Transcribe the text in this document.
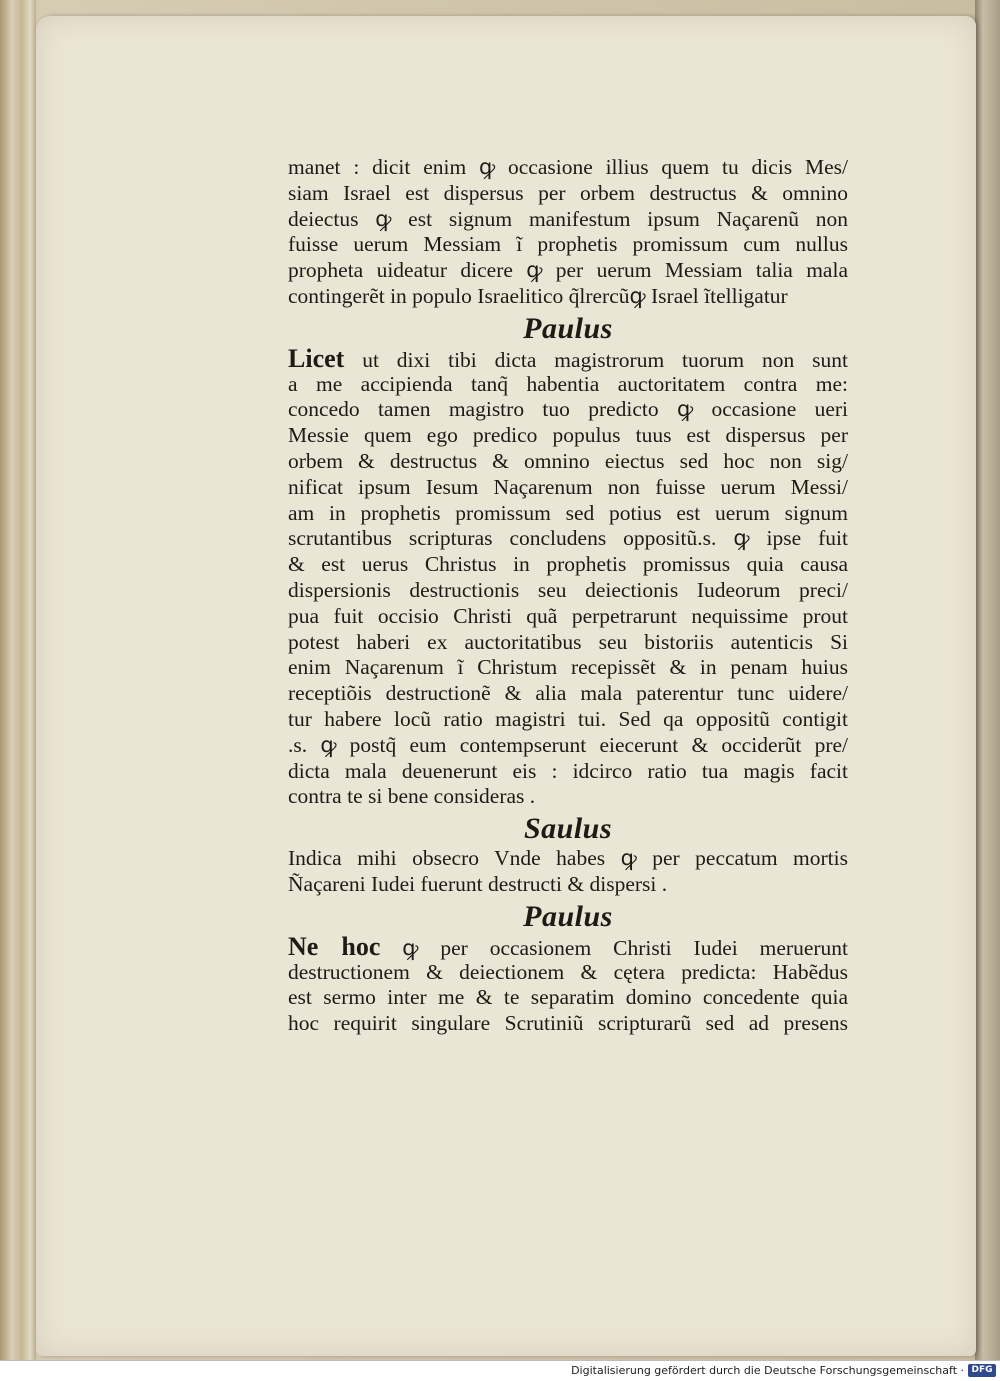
manet : dicit enim ꝙ occasione illius quem tu dicis Mes/
siam Israel est dispersus per orbem destructus & omnino
deiectus ꝙ est signum manifestum ipsum Naçarenũ non
fuisse uerum Messiam ĩ prophetis promissum cum nullus
propheta uideatur dicere ꝙ per uerum Messiam talia mala
contingerẽt in populo Israelitico q̃lrercũꝙ Israel ĩtelligatur
Paulus
Licet ut dixi tibi dicta magistrorum tuorum non sunt
a me accipienda tanq̃ habentia auctoritatem contra me:
concedo tamen magistro tuo predicto ꝙ occasione ueri
Messie quem ego predico populus tuus est dispersus per
orbem & destructus & omnino eiectus sed hoc non sig/
nificat ipsum Iesum Naçarenum non fuisse uerum Messi/
am in prophetis promissum sed potius est uerum signum
scrutantibus scripturas concludens oppositũ.s. ꝙ ipse fuit
& est uerus Christus in prophetis promissus quia causa
dispersionis destructionis seu deiectionis Iudeorum preci/
pua fuit occisio Christi quã perpetrarunt nequissime prout
potest haberi ex auctoritatibus seu bistoriis autenticis Si
enim Naçarenum ĩ Christum recepissẽt & in penam huius
receptiõis destructionẽ & alia mala paterentur tunc uidere/
tur habere locũ ratio magistri tui. Sed qa oppositũ contigit
.s. ꝙ postq̃ eum contempserunt eiecerunt & occiderũt pre/
dicta mala deuenerunt eis : idcirco ratio tua magis facit
contra te si bene consideras .
Saulus
Indica mihi obsecro Vnde habes ꝙ per peccatum mortis
Ñaçareni Iudei fuerunt destructi & dispersi .
Paulus
Ne hoc ꝙ per occasionem Christi Iudei meruerunt
destructionem & deiectionem & cętera predicta: Habẽdus
est sermo inter me & te separatim domino concedente quia
hoc requirit singulare Scrutiniũ scripturarũ sed ad presens
Digitalisierung gefördert durch die Deutsche Forschungsgemeinschaft · DFG
